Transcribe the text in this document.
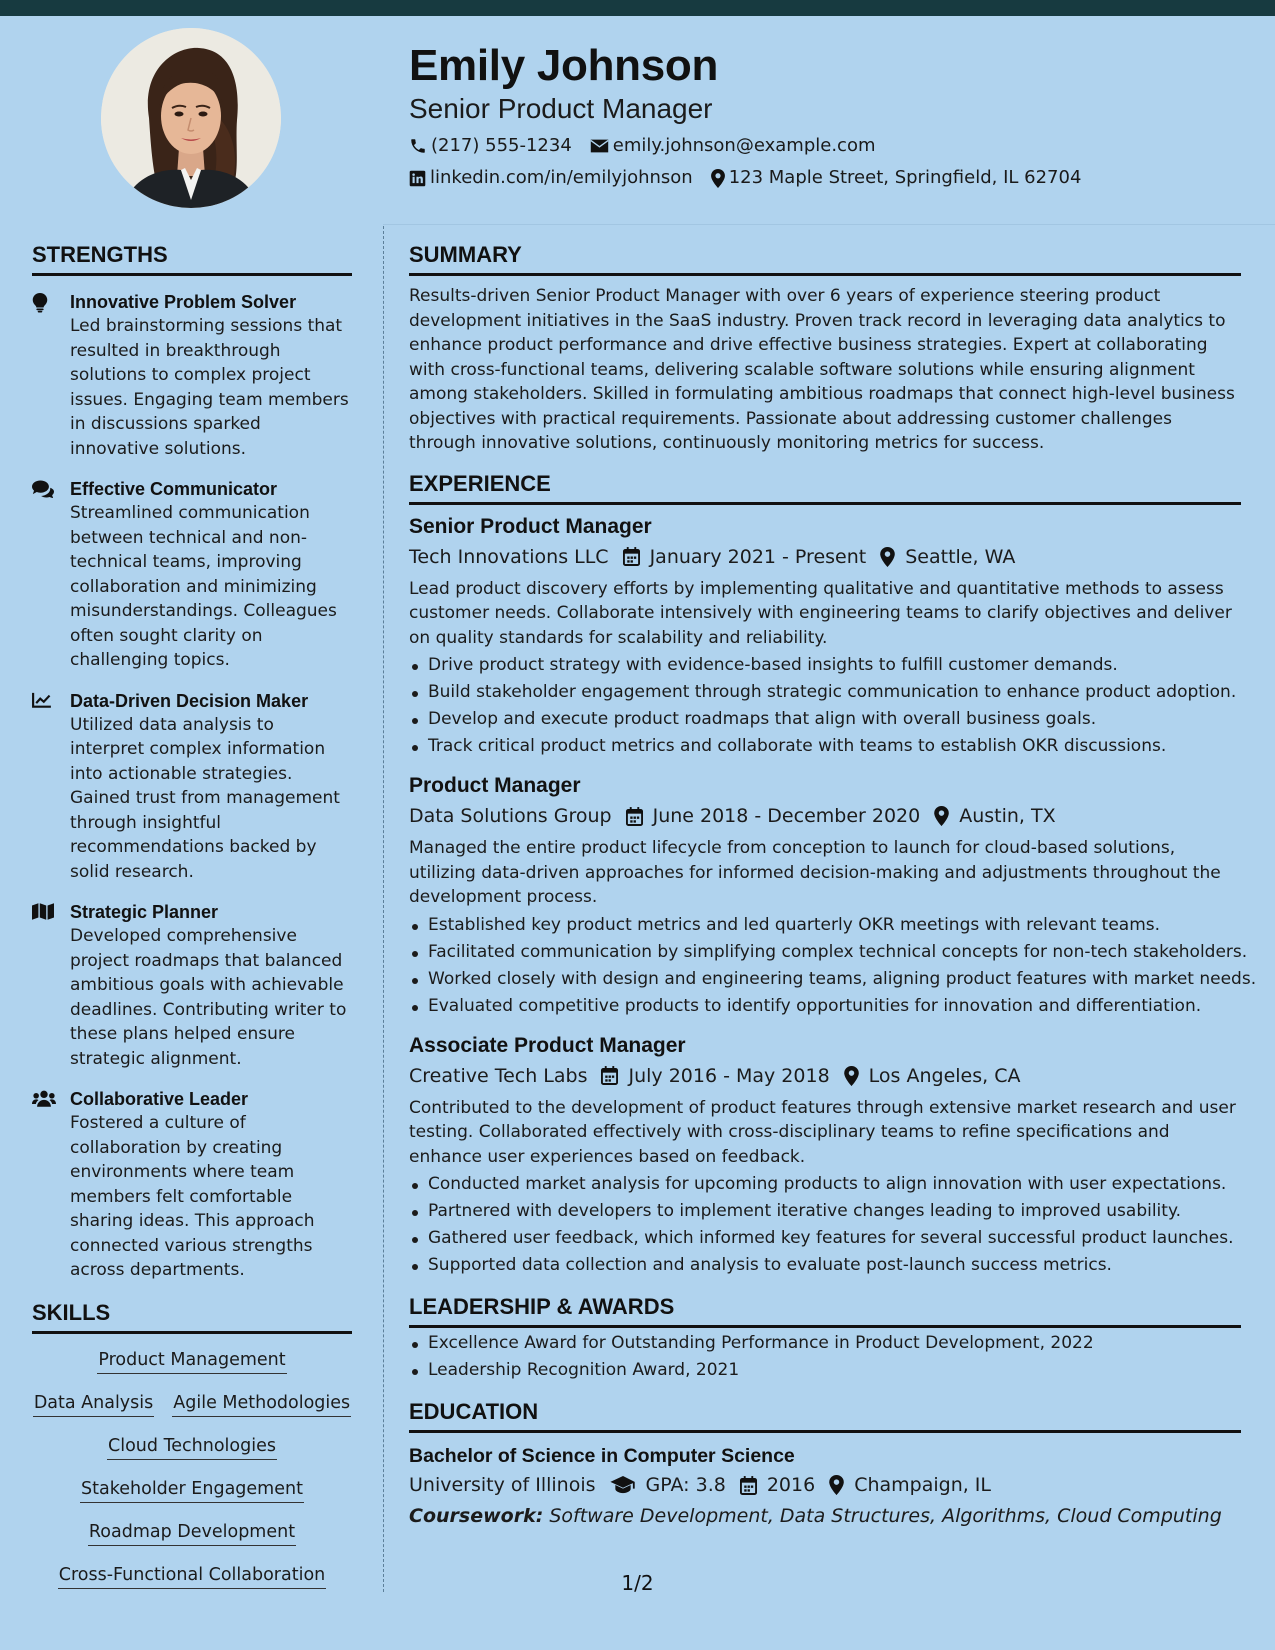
Emily Johnson
Senior Product Manager
(217) 555-1234 emily.johnson@example.com
linkedin.com/in/emilyjohnson 123 Maple Street, Springfield, IL 62704
STRENGTHS
Innovative Problem Solver
Led brainstorming sessions that resulted in breakthrough solutions to complex project issues. Engaging team members in discussions sparked innovative solutions.
Effective Communicator
Streamlined communication between technical and non-technical teams, improving collaboration and minimizing misunderstandings. Colleagues often sought clarity on challenging topics.
Data-Driven Decision Maker
Utilized data analysis to interpret complex information into actionable strategies. Gained trust from management through insightful recommendations backed by solid research.
Strategic Planner
Developed comprehensive project roadmaps that balanced ambitious goals with achievable deadlines. Contributing writer to these plans helped ensure strategic alignment.
Collaborative Leader
Fostered a culture of collaboration by creating environments where team members felt comfortable sharing ideas. This approach connected various strengths across departments.
SKILLS
Product Management
Data Analysis Agile Methodologies
Cloud Technologies
Stakeholder Engagement
Roadmap Development
Cross-Functional Collaboration
SUMMARY
Results-driven Senior Product Manager with over 6 years of experience steering product development initiatives in the SaaS industry. Proven track record in leveraging data analytics to enhance product performance and drive effective business strategies. Expert at collaborating with cross-functional teams, delivering scalable software solutions while ensuring alignment among stakeholders. Skilled in formulating ambitious roadmaps that connect high-level business objectives with practical requirements. Passionate about addressing customer challenges through innovative solutions, continuously monitoring metrics for success.
EXPERIENCE
Senior Product Manager
Tech Innovations LLC January 2021 - Present Seattle, WA
Lead product discovery efforts by implementing qualitative and quantitative methods to assess customer needs. Collaborate intensively with engineering teams to clarify objectives and deliver on quality standards for scalability and reliability.
Drive product strategy with evidence-based insights to fulfill customer demands.
Build stakeholder engagement through strategic communication to enhance product adoption.
Develop and execute product roadmaps that align with overall business goals.
Track critical product metrics and collaborate with teams to establish OKR discussions.
Product Manager
Data Solutions Group June 2018 - December 2020 Austin, TX
Managed the entire product lifecycle from conception to launch for cloud-based solutions, utilizing data-driven approaches for informed decision-making and adjustments throughout the development process.
Established key product metrics and led quarterly OKR meetings with relevant teams.
Facilitated communication by simplifying complex technical concepts for non-tech stakeholders.
Worked closely with design and engineering teams, aligning product features with market needs.
Evaluated competitive products to identify opportunities for innovation and differentiation.
Associate Product Manager
Creative Tech Labs July 2016 - May 2018 Los Angeles, CA
Contributed to the development of product features through extensive market research and user testing. Collaborated effectively with cross-disciplinary teams to refine specifications and enhance user experiences based on feedback.
Conducted market analysis for upcoming products to align innovation with user expectations.
Partnered with developers to implement iterative changes leading to improved usability.
Gathered user feedback, which informed key features for several successful product launches.
Supported data collection and analysis to evaluate post-launch success metrics.
LEADERSHIP & AWARDS
Excellence Award for Outstanding Performance in Product Development, 2022
Leadership Recognition Award, 2021
EDUCATION
Bachelor of Science in Computer Science
University of Illinois	GPA: 3.8 2016 Champaign, IL
Coursework: Software Development, Data Structures, Algorithms, Cloud Computing
1/2
